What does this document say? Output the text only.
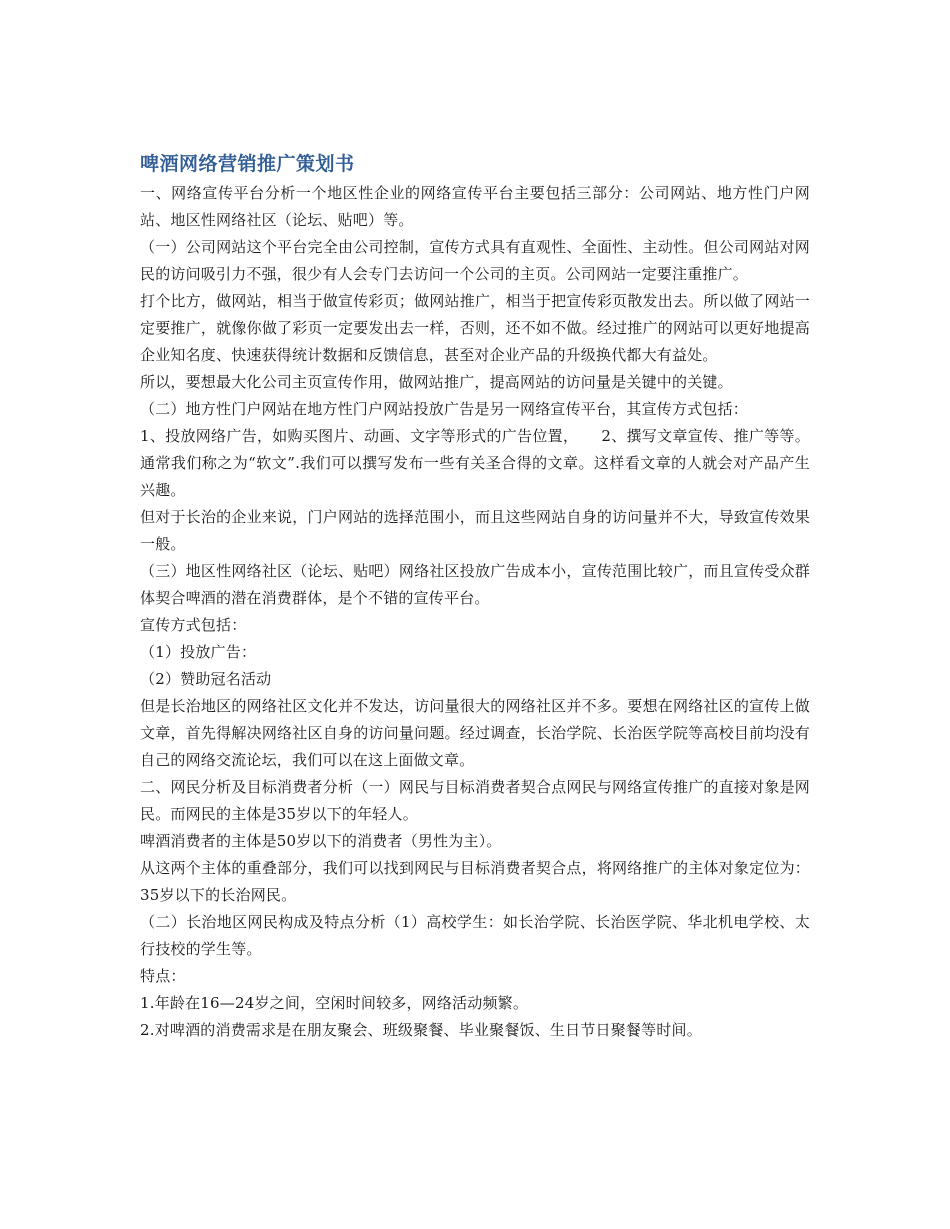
啤酒网络营销推广策划书

一、网络宣传平台分析一个地区性企业的网络宣传平台主要包括三部分：公司网站、地方性门户网站、地区性网络社区（论坛、贴吧）等。

（一）公司网站这个平台完全由公司控制，宣传方式具有直观性、全面性、主动性。但公司网站对网民的访问吸引力不强，很少有人会专门去访问一个公司的主页。公司网站一定要注重推广。

打个比方，做网站，相当于做宣传彩页；做网站推广，相当于把宣传彩页散发出去。所以做了网站一定要推广，就像你做了彩页一定要发出去一样，否则，还不如不做。经过推广的网站可以更好地提高企业知名度、快速获得统计数据和反馈信息，甚至对企业产品的升级换代都大有益处。

所以，要想最大化公司主页宣传作用，做网站推广，提高网站的访问量是关键中的关键。

（二）地方性门户网站在地方性门户网站投放广告是另一网络宣传平台，其宣传方式包括：

1、投放网络广告，如购买图片、动画、文字等形式的广告位置，　　2、撰写文章宣传、推广等等。通常我们称之为“软文”.我们可以撰写发布一些有关圣合得的文章。这样看文章的人就会对产品产生兴趣。

但对于长治的企业来说，门户网站的选择范围小，而且这些网站自身的访问量并不大，导致宣传效果一般。

（三）地区性网络社区（论坛、贴吧）网络社区投放广告成本小，宣传范围比较广，而且宣传受众群体契合啤酒的潜在消费群体，是个不错的宣传平台。

宣传方式包括：

（1）投放广告：

（2）赞助冠名活动

但是长治地区的网络社区文化并不发达，访问量很大的网络社区并不多。要想在网络社区的宣传上做文章，首先得解决网络社区自身的访问量问题。经过调查，长治学院、长治医学院等高校目前均没有自己的网络交流论坛，我们可以在这上面做文章。

二、网民分析及目标消费者分析（一）网民与目标消费者契合点网民与网络宣传推广的直接对象是网民。而网民的主体是35岁以下的年轻人。

啤酒消费者的主体是50岁以下的消费者（男性为主）。

从这两个主体的重叠部分，我们可以找到网民与目标消费者契合点，将网络推广的主体对象定位为：35岁以下的长治网民。

（二）长治地区网民构成及特点分析（1）高校学生：如长治学院、长治医学院、华北机电学校、太行技校的学生等。

特点：

1.年龄在16—24岁之间，空闲时间较多，网络活动频繁。

2.对啤酒的消费需求是在朋友聚会、班级聚餐、毕业聚餐饭、生日节日聚餐等时间。
